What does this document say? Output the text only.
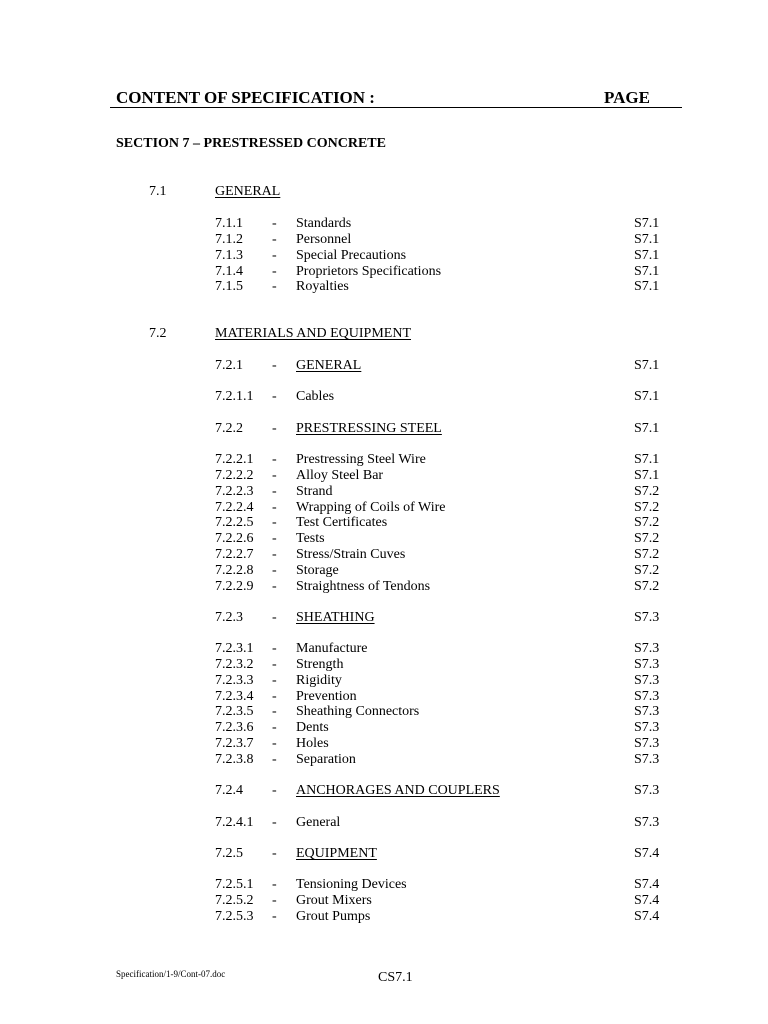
CONTENT OF SPECIFICATION :	PAGE
SECTION 7 – PRESTRESSED CONCRETE
7.1	GENERAL
7.1.1 - Standards	S7.1
7.1.2 - Personnel	S7.1
7.1.3 - Special Precautions	S7.1
7.1.4 - Proprietors Specifications	S7.1
7.1.5 - Royalties	S7.1
7.2	MATERIALS AND EQUIPMENT
7.2.1 - GENERAL	S7.1
7.2.1.1 - Cables	S7.1
7.2.2 - PRESTRESSING STEEL	S7.1
7.2.2.1 - Prestressing Steel Wire	S7.1
7.2.2.2 - Alloy Steel Bar	S7.1
7.2.2.3 - Strand	S7.2
7.2.2.4 - Wrapping of Coils of Wire	S7.2
7.2.2.5 - Test Certificates	S7.2
7.2.2.6 - Tests	S7.2
7.2.2.7 - Stress/Strain Cuves	S7.2
7.2.2.8 - Storage	S7.2
7.2.2.9 - Straightness of Tendons	S7.2
7.2.3 - SHEATHING	S7.3
7.2.3.1 - Manufacture	S7.3
7.2.3.2 - Strength	S7.3
7.2.3.3 - Rigidity	S7.3
7.2.3.4 - Prevention	S7.3
7.2.3.5 - Sheathing Connectors	S7.3
7.2.3.6 - Dents	S7.3
7.2.3.7 - Holes	S7.3
7.2.3.8 - Separation	S7.3
7.2.4 - ANCHORAGES AND COUPLERS	S7.3
7.2.4.1 - General	S7.3
7.2.5 - EQUIPMENT	S7.4
7.2.5.1 - Tensioning Devices	S7.4
7.2.5.2 - Grout Mixers	S7.4
7.2.5.3 - Grout Pumps	S7.4
Specification/1-9/Cont-07.doc	CS7.1
